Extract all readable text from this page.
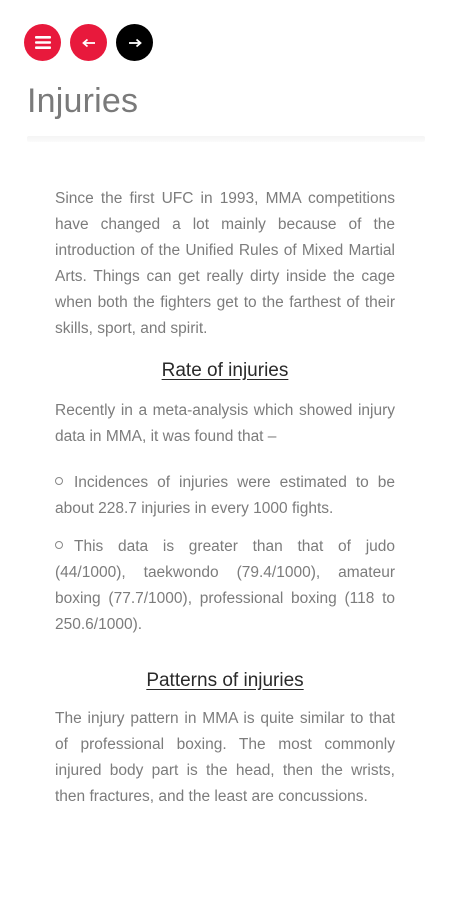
Injuries

Since the first UFC in 1993, MMA competitions have changed a lot mainly because of the introduction of the Unified Rules of Mixed Martial Arts. Things can get really dirty inside the cage when both the fighters get to the farthest of their skills, sport, and spirit.

Rate of injuries

Recently in a meta-analysis which showed injury data in MMA, it was found that –

Incidences of injuries were estimated to be about 228.7 injuries in every 1000 fights.
This data is greater than that of judo (44/1000), taekwondo (79.4/1000), amateur boxing (77.7/1000), professional boxing (118 to 250.6/1000).
Patterns of injuries

The injury pattern in MMA is quite similar to that of professional boxing. The most commonly injured body part is the head, then the wrists, then fractures, and the least are concussions.
